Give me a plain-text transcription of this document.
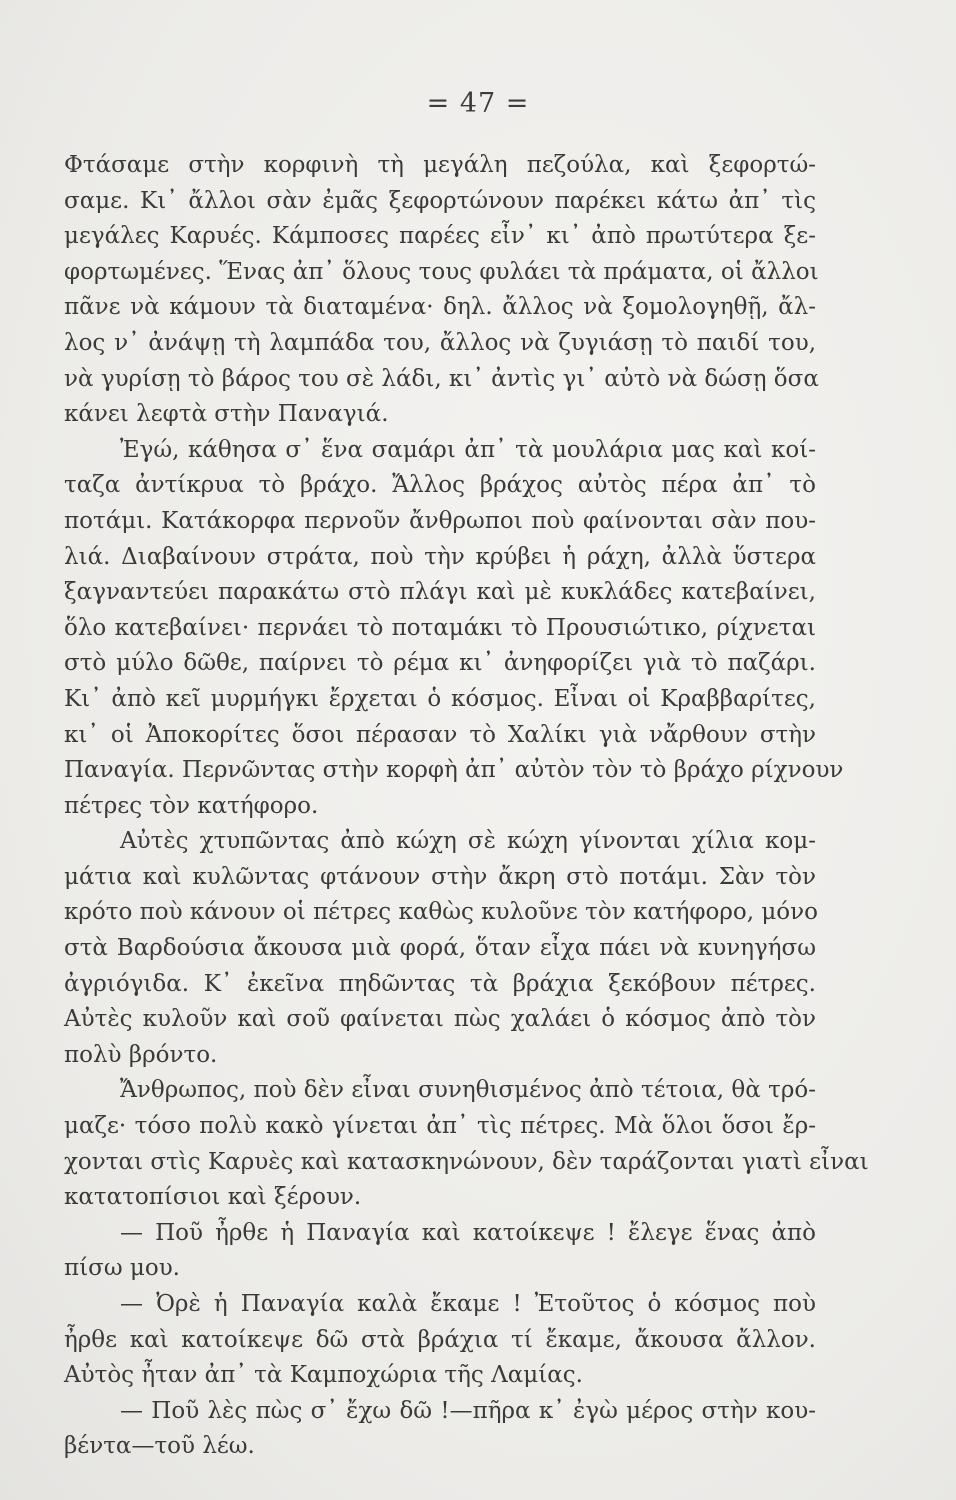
= 47 =
Φτάσαμε στὴν κορφινὴ τὴ μεγάλη πεζούλα, καὶ ξεφορτώ-
σαμε. Κι᾽ ἄλλοι σὰν ἐμᾶς ξεφορτώνουν παρέκει κάτω ἀπ᾽ τὶς
μεγάλες Καρυές. Κάμποσες παρέες εἶν᾽ κι᾽ ἀπὸ πρωτύτερα ξε-
φορτωμένες. Ἕνας ἀπ᾽ ὅλους τους φυλάει τὰ πράματα, οἱ ἄλλοι
πᾶνε νὰ κάμουν τὰ διαταμένα· δηλ. ἄλλος νὰ ξομολογηθῇ, ἄλ-
λος ν᾽ ἀνάψῃ τὴ λαμπάδα του, ἄλλος νὰ ζυγιάσῃ τὸ παιδί του,
νὰ γυρίσῃ τὸ βάρος του σὲ λάδι, κι᾽ ἀντὶς γι᾽ αὐτὸ νὰ δώσῃ ὅσα
κάνει λεφτὰ στὴν Παναγιά.
Ἐγώ, κάθησα σ᾽ ἕνα σαμάρι ἀπ᾽ τὰ μουλάρια μας καὶ κοί-
ταζα ἀντίκρυα τὸ βράχο. Ἄλλος βράχος αὐτὸς πέρα ἀπ᾽ τὸ
ποτάμι. Κατάκορφα περνοῦν ἄνθρωποι ποὺ φαίνονται σὰν που-
λιά. Διαβαίνουν στράτα, ποὺ τὴν κρύβει ἡ ράχη, ἀλλὰ ὕστερα
ξαγναντεύει παρακάτω στὸ πλάγι καὶ μὲ κυκλάδες κατεβαίνει,
ὅλο κατεβαίνει· περνάει τὸ ποταμάκι τὸ Προυσιώτικο, ρίχνεται
στὸ μύλο δῶθε, παίρνει τὸ ρέμα κι᾽ ἀνηφορίζει γιὰ τὸ παζάρι.
Κι᾽ ἀπὸ κεῖ μυρμήγκι ἔρχεται ὁ κόσμος. Εἶναι οἱ Κραββαρίτες,
κι᾽ οἱ Ἀποκορίτες ὅσοι πέρασαν τὸ Χαλίκι γιὰ νἄρθουν στὴν
Παναγία. Περνῶντας στὴν κορφὴ ἀπ᾽ αὐτὸν τὸν τὸ βράχο ρίχνουν
πέτρες τὸν κατήφορο.
Αὐτὲς χτυπῶντας ἀπὸ κώχη σὲ κώχη γίνονται χίλια κομ-
μάτια καὶ κυλῶντας φτάνουν στὴν ἄκρη στὸ ποτάμι. Σὰν τὸν
κρότο ποὺ κάνουν οἱ πέτρες καθὼς κυλοῦνε τὸν κατήφορο, μόνο
στὰ Βαρδούσια ἄκουσα μιὰ φορά, ὅταν εἶχα πάει νὰ κυνηγήσω
ἀγριόγιδα. Κ᾽ ἐκεῖνα πηδῶντας τὰ βράχια ξεκόβουν πέτρες.
Αὐτὲς κυλοῦν καὶ σοῦ φαίνεται πὼς χαλάει ὁ κόσμος ἀπὸ τὸν
πολὺ βρόντο.
Ἄνθρωπος, ποὺ δὲν εἶναι συνηθισμένος ἀπὸ τέτοια, θὰ τρό-
μαζε· τόσο πολὺ κακὸ γίνεται ἀπ᾽ τὶς πέτρες. Μὰ ὅλοι ὅσοι ἔρ-
χονται στὶς Καρυὲς καὶ κατασκηνώνουν, δὲν ταράζονται γιατὶ εἶναι
κατατοπίσιοι καὶ ξέρουν.
— Ποῦ ἦρθε ἡ Παναγία καὶ κατοίκεψε ! ἔλεγε ἕνας ἀπὸ
πίσω μου.
— Ὀρὲ ἡ Παναγία καλὰ ἔκαμε ! Ἐτοῦτος ὁ κόσμος ποὺ
ἦρθε καὶ κατοίκεψε δῶ στὰ βράχια τί ἔκαμε, ἄκουσα ἄλλον.
Αὐτὸς ἦταν ἀπ᾽ τὰ Καμποχώρια τῆς Λαμίας.
— Ποῦ λὲς πὼς σ᾽ ἔχω δῶ !—πῆρα κ᾽ ἐγὼ μέρος στὴν κου-
βέντα—τοῦ λέω.
